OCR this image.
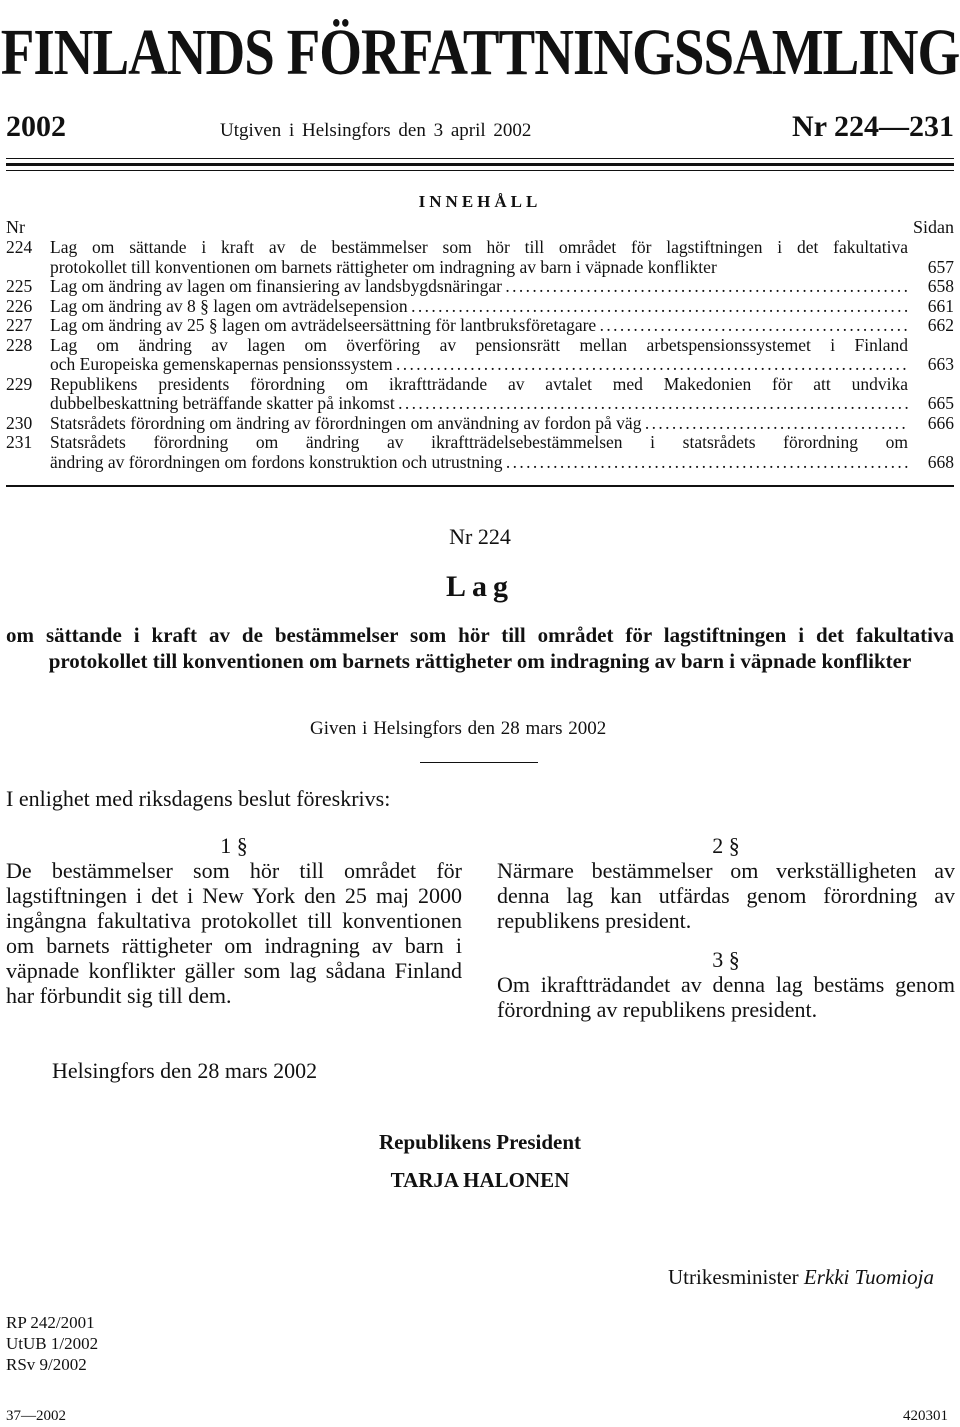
FINLANDS FÖRFATTNINGSSAMLING
2002	Utgiven i Helsingfors den 3 april 2002	Nr 224—231
INNEHÅLL
Nr	Sidan
224 Lag om sättande i kraft av de bestämmelser som hör till området för lagstiftningen i det fakultativa
protokollet till konventionen om barnets rättigheter om indragning av barn i väpnade konflikter	657
225 Lag om ändring av lagen om finansiering av landsbygdsnäringar . . .	658
226 Lag om ändring av 8 § lagen om avträdelsepension . . .	661
227 Lag om ändring av 25 § lagen om avträdelseersättning för lantbruksföretagare . . .	662
228 Lag om ändring av lagen om överföring av pensionsrätt mellan arbetspensionssystemet i Finland
och Europeiska gemenskapernas pensionssystem . . .	663
229 Republikens presidents förordning om ikraftträdande av avtalet med Makedonien för att undvika
dubbelbeskattning beträffande skatter på inkomst . . .	665
230 Statsrådets förordning om ändring av förordningen om användning av fordon på väg . . .	666
231 Statsrådets förordning om ändring av ikraftträdelsebestämmelsen i statsrådets förordning om
ändring av förordningen om fordons konstruktion och utrustning . . .	668
Nr 224
Lag
om sättande i kraft av de bestämmelser som hör till området för lagstiftningen i det fakultativa protokollet till konventionen om barnets rättigheter om indragning av barn i väpnade konflikter
Given i Helsingfors den 28 mars 2002
I enlighet med riksdagens beslut föreskrivs:
1 §
De bestämmelser som hör till området för lagstiftningen i det i New York den 25 maj 2000 ingångna fakultativa protokollet till konventionen om barnets rättigheter om indragning av barn i väpnade konflikter gäller som lag sådana Finland har förbundit sig till dem.
2 §
Närmare bestämmelser om verkställigheten av denna lag kan utfärdas genom förordning av republikens president.
3 §
Om ikraftträdandet av denna lag bestäms genom förordning av republikens president.
Helsingfors den 28 mars 2002
Republikens President
TARJA HALONEN
Utrikesminister Erkki Tuomioja
RP 242/2001
UtUB 1/2002
RSv 9/2002
37—2002	420301
